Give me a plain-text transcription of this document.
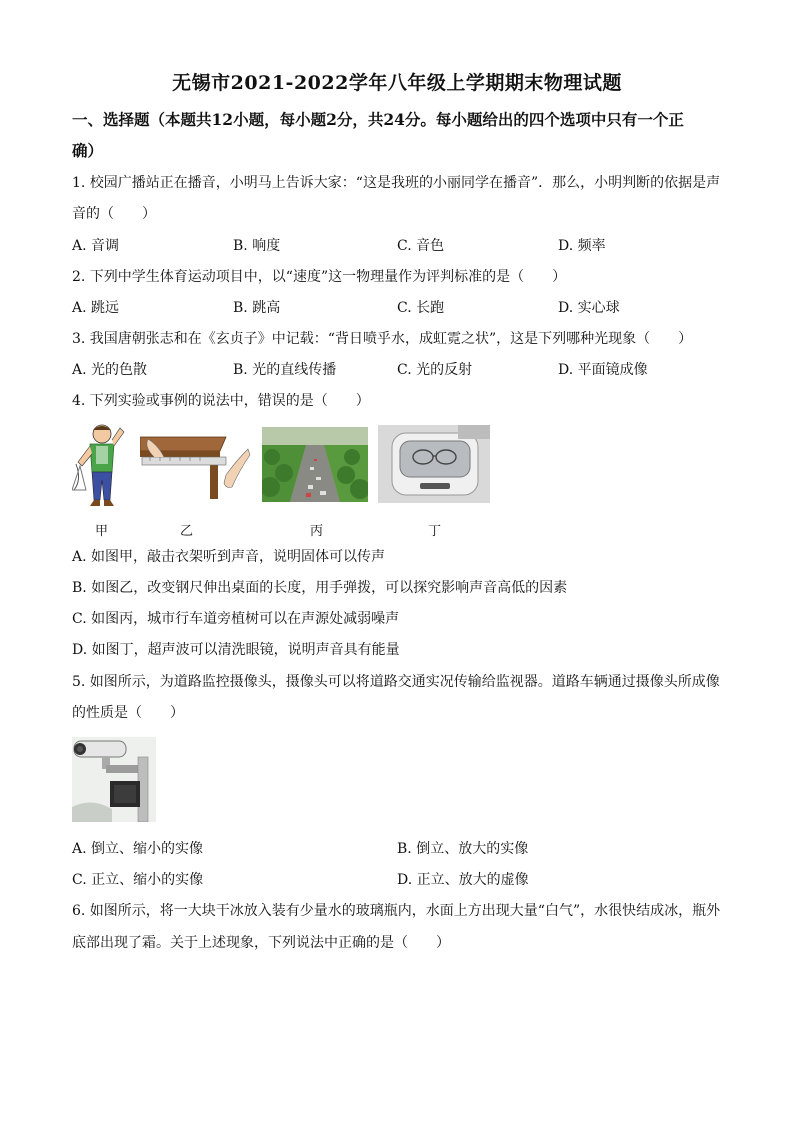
无锡市2021-2022学年八年级上学期期末物理试题
一、选择题（本题共12小题，每小题2分，共24分。每小题给出的四个选项中只有一个正
确）
1. 校园广播站正在播音，小明马上告诉大家：“这是我班的小丽同学在播音”．那么，小明判断的依据是声
音的（　　）
A. 音调	B. 响度	C. 音色	D. 频率
2. 下列中学生体育运动项目中，以“速度”这一物理量作为评判标准的是（　　）
A. 跳远	B. 跳高	C. 长跑	D. 实心球
3. 我国唐朝张志和在《玄贞子》中记载：“背日喷乎水，成虹霓之状”，这是下列哪种光现象（　　）
A. 光的色散	B. 光的直线传播	C. 光的反射	D. 平面镜成像
4. 下列实验或事例的说法中，错误的是（　　）
甲	乙	丙	丁
A. 如图甲，敲击衣架听到声音，说明固体可以传声
B. 如图乙，改变钢尺伸出桌面的长度，用手弹拨，可以探究影响声音高低的因素
C. 如图丙，城市行车道旁植树可以在声源处减弱噪声
D. 如图丁，超声波可以清洗眼镜，说明声音具有能量
5. 如图所示，为道路监控摄像头，摄像头可以将道路交通实况传输给监视器。道路车辆通过摄像头所成像
的性质是（　　）
A. 倒立、缩小的实像	B. 倒立、放大的实像
C. 正立、缩小的实像	D. 正立、放大的虚像
6. 如图所示，将一大块干冰放入装有少量水的玻璃瓶内，水面上方出现大量“白气”，水很快结成冰，瓶外
底部出现了霜。关于上述现象，下列说法中正确的是（　　）
